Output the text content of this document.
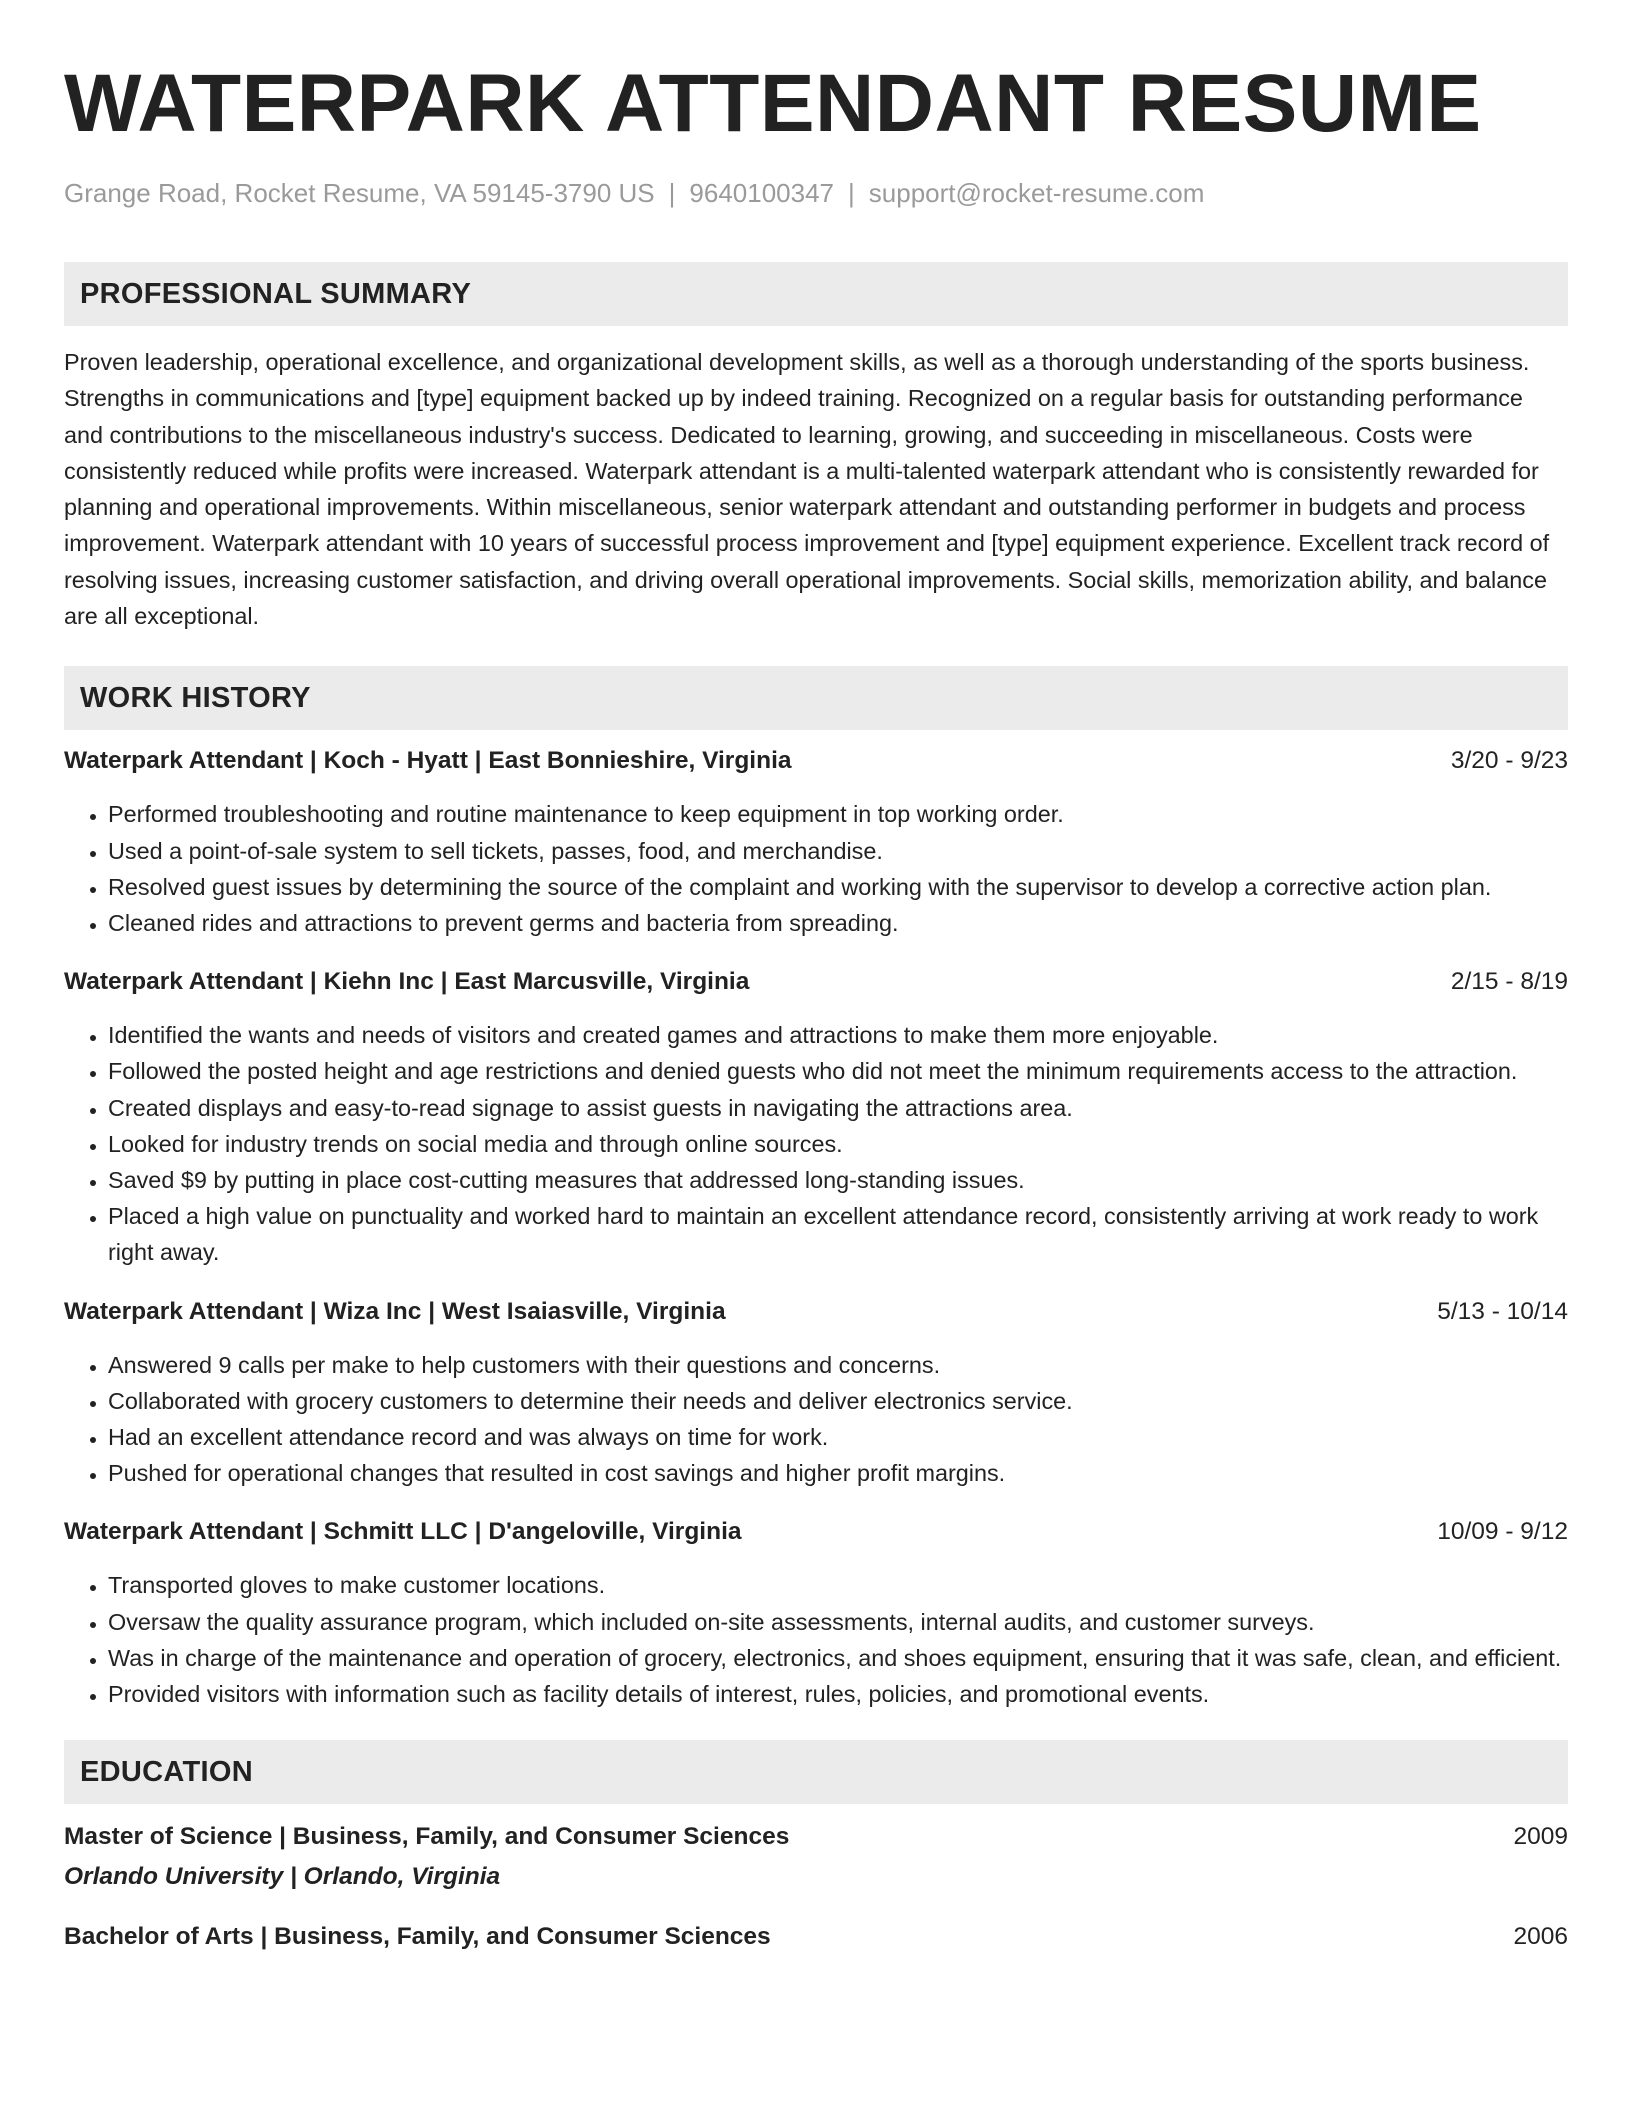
WATERPARK ATTENDANT RESUME
Grange Road, Rocket Resume, VA 59145-3790 US | 9640100347 | support@rocket-resume.com
PROFESSIONAL SUMMARY

Proven leadership, operational excellence, and organizational development skills, as well as a thorough understanding of the sports business. Strengths in communications and [type] equipment backed up by indeed training. Recognized on a regular basis for outstanding performance and contributions to the miscellaneous industry's success. Dedicated to learning, growing, and succeeding in miscellaneous. Costs were consistently reduced while profits were increased. Waterpark attendant is a multi-talented waterpark attendant who is consistently rewarded for planning and operational improvements. Within miscellaneous, senior waterpark attendant and outstanding performer in budgets and process improvement. Waterpark attendant with 10 years of successful process improvement and [type] equipment experience. Excellent track record of resolving issues, increasing customer satisfaction, and driving overall operational improvements. Social skills, memorization ability, and balance are all exceptional.

WORK HISTORY
Waterpark Attendant | Koch - Hyatt | East Bonnieshire, Virginia	3/20 - 9/23
• Performed troubleshooting and routine maintenance to keep equipment in top working order.
• Used a point-of-sale system to sell tickets, passes, food, and merchandise.
• Resolved guest issues by determining the source of the complaint and working with the supervisor to develop a corrective action plan.
• Cleaned rides and attractions to prevent germs and bacteria from spreading.
Waterpark Attendant | Kiehn Inc | East Marcusville, Virginia	2/15 - 8/19
• Identified the wants and needs of visitors and created games and attractions to make them more enjoyable.
• Followed the posted height and age restrictions and denied guests who did not meet the minimum requirements access to the attraction.
• Created displays and easy-to-read signage to assist guests in navigating the attractions area.
• Looked for industry trends on social media and through online sources.
• Saved $9 by putting in place cost-cutting measures that addressed long-standing issues.
• Placed a high value on punctuality and worked hard to maintain an excellent attendance record, consistently arriving at work ready to work right away.
Waterpark Attendant | Wiza Inc | West Isaiasville, Virginia	5/13 - 10/14
• Answered 9 calls per make to help customers with their questions and concerns.
• Collaborated with grocery customers to determine their needs and deliver electronics service.
• Had an excellent attendance record and was always on time for work.
• Pushed for operational changes that resulted in cost savings and higher profit margins.
Waterpark Attendant | Schmitt LLC | D'angeloville, Virginia	10/09 - 9/12
• Transported gloves to make customer locations.
• Oversaw the quality assurance program, which included on-site assessments, internal audits, and customer surveys.
• Was in charge of the maintenance and operation of grocery, electronics, and shoes equipment, ensuring that it was safe, clean, and efficient.
• Provided visitors with information such as facility details of interest, rules, policies, and promotional events.
EDUCATION
Master of Science | Business, Family, and Consumer Sciences	2009
Orlando University | Orlando, Virginia
Bachelor of Arts | Business, Family, and Consumer Sciences	2006
